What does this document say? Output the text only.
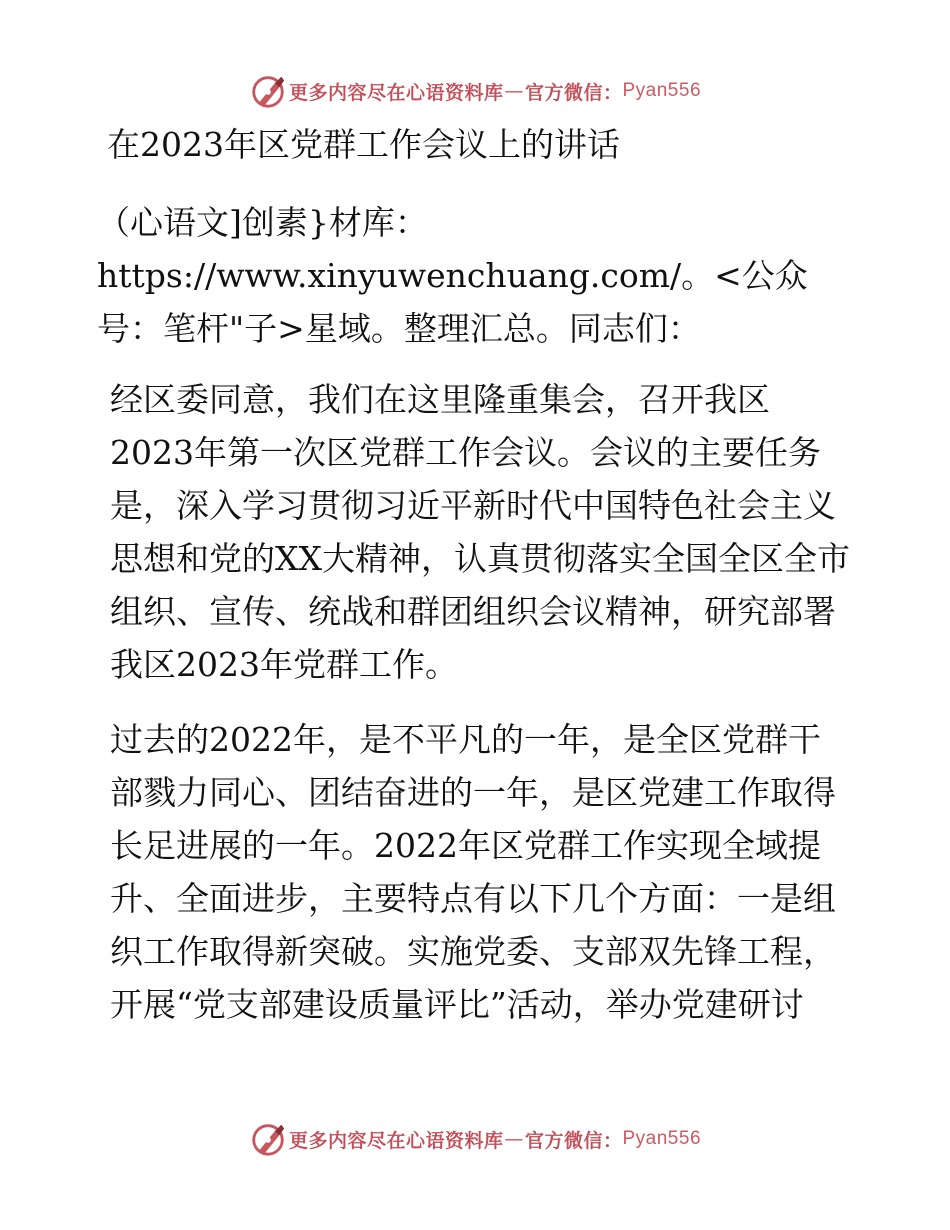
更多内容尽在心语资料库 — 官方微信： Pyan556

在2023年区党群工作会议上的讲话

（心语文]创素}材库：https://www.xinyuwenchuang.com/。<公众号：笔杆"子>星域。整理汇总。同志们：

经区委同意，我们在这里隆重集会，召开我区2023年第一次区党群工作会议。会议的主要任务是，深入学习贯彻习近平新时代中国特色社会主义思想和党的XX大精神，认真贯彻落实全国全区全市组织、宣传、统战和群团组织会议精神，研究部署我区2023年党群工作。

过去的2022年，是不平凡的一年，是全区党群干部戮力同心、团结奋进的一年，是区党建工作取得长足进展的一年。2022年区党群工作实现全域提升、全面进步，主要特点有以下几个方面：一是组织工作取得新突破。实施党委、支部双先锋工程，开展“党支部建设质量评比”活动，举办党建研讨

更多内容尽在心语资料库 — 官方微信： Pyan556
